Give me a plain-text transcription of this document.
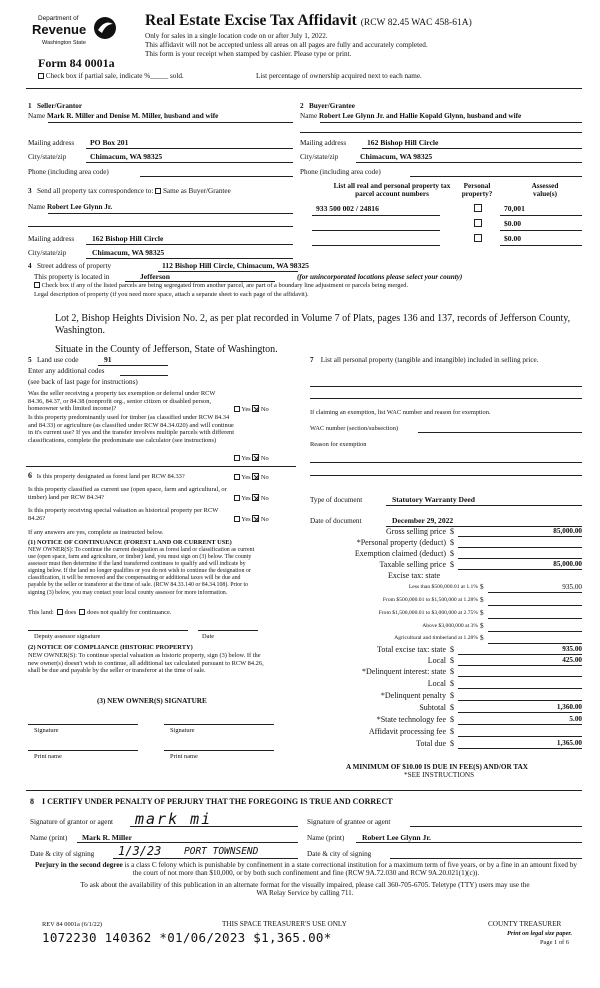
Department of
Revenue
Washington State
Real Estate Excise Tax Affidavit (RCW 82.45 WAC 458-61A)
Only for sales in a single location code on or after July 1, 2022.
This affidavit will not be accepted unless all areas on all pages are fully and accurately completed.
This form is your receipt when stamped by cashier. Please type or print.
Form 84 0001a
Check box if partial sale, indicate %_____ sold.	List percentage of ownership acquired next to each name.
1 Seller/Grantor
Name Mark R. Miller and Denise M. Miller, husband and wife
Mailing address PO Box 201
City/state/zip	Chimacum, WA 98325
Phone (including area code)
2 Buyer/Grantee
Name Robert Lee Glynn Jr. and Hallie Kopald Glynn, husband and wife
Mailing address	162 Bishop Hill Circle
City/state/zip	Chimacum, WA 98325
Phone (including area code)
3 Send all property tax correspondence to: Same as Buyer/Grantee
Name Robert Lee Glynn Jr.
Mailing address 162 Bishop Hill Circle
City/state/zip	Chimacum, WA 98325
List all real and personal property tax
parcel account numbers
Personal
property?
Assessed
value(s)
933 500 002 / 24816	70,001
$0.00
$0.00
4 Street address of property	112 Bishop Hill Circle, Chimacum, WA 98325
This property is located in	Jefferson	(for unincorporated locations please select your county)
Check box if any of the listed parcels are being segregated from another parcel, are part of a boundary line adjustment or parcels being merged.
Legal description of property (if you need more space, attach a separate sheet to each page of the affidavit).
Lot 2, Bishop Heights Division No. 2, as per plat recorded in Volume 7 of Plats, pages 136 and 137, records of Jefferson County, Washington.
Situate in the County of Jefferson, State of Washington.
5 Land use code	91
Enter any additional codes
(see back of last page for instructions)
Was the seller receiving a property tax exemption or deferral under RCW 84.36, 84.37, or 84.38 (nonprofit org., senior citizen or disabled person, homeowner with limited income)?	Yes No
Is this property predominantly used for timber (as classified under RCW 84.34 and 84.33) or agriculture (as classified under RCW 84.34.020) and will continue in it's current use? If yes and the transfer involves multiple parcels with different classifications, complete the predominate use calculator (see instructions)
Yes No
6 Is this property designated as forest land per RCW 84.33?	Yes No
Is this property classified as current use (open space, farm and agricultural, or timber) land per RCW 84.34?	Yes No
Is this property receiving special valuation as historical property per RCW 84.26?	Yes No
If any answers are yes, complete as instructed below.
(1) NOTICE OF CONTINUANCE (FOREST LAND OR CURRENT USE)
NEW OWNER(S): To continue the current designation as forest land or classification as current use (open space, farm and agriculture, or timber) land, you must sign on (3) below. The county assessor must then determine if the land transferred continues to qualify and will indicate by signing below. If the land no longer qualifies or you do not wish to continue the designation or classification, it will be removed and the compensating or additional taxes will be due and payable by the seller or transferor at the time of sale. (RCW 84.33.140 or 84.34.108). Prior to signing (3) below, you may contact your local county assessor for more information.
This land: does does not qualify for continuance.
Deputy assessor signature	Date
(2) NOTICE OF COMPLIANCE (HISTORIC PROPERTY)
NEW OWNER(S): To continue special valuation as historic property, sign (3) below. If the new owner(s) doesn't wish to continue, all additional tax calculated pursuant to RCW 84.26, shall be due and payable by the seller or transferor at the time of sale.
(3) NEW OWNER(S) SIGNATURE
Signature	Signature
Print name	Print name
7 List all personal property (tangible and intangible) included in selling price.
If claiming an exemption, list WAC number and reason for exemption.
WAC number (section/subsection)
Reason for exemption
Type of document	Statutory Warranty Deed
Date of document	December 29, 2022
Gross selling price $	85,000.00
*Personal property (deduct) $
Exemption claimed (deduct) $
Taxable selling price $	85,000.00
Excise tax: state
Less than $500,000.01 at 1.1% $	935.00
From $500,000.01 to $1,500,000 at 1.28% $
From $1,500,000.01 to $3,000,000 at 2.75% $
Above $3,000,000 at 3% $
Agricultural and timberland at 1.28% $
Total excise tax: state $	935.00
Local $	425.00
*Delinquent interest: state $
Local $
*Delinquent penalty $
Subtotal $	1,360.00
*State technology fee $	5.00
Affidavit processing fee $
Total due $	1,365.00
A MINIMUM OF $10.00 IS DUE IN FEE(S) AND/OR TAX
*SEE INSTRUCTIONS
8 I CERTIFY UNDER PENALTY OF PERJURY THAT THE FOREGOING IS TRUE AND CORRECT
Signature of grantor or agent mark mi	Signature of grantee or agent
Name (print) Mark R. Miller	Name (print) Robert Lee Glynn Jr.
Date & city of signing 1/3/23 PORT TOWNSEND	Date & city of signing
Perjury in the second degree is a class C felony which is punishable by confinement in a state correctional institution for a maximum term of five years, or by a fine in an amount fixed by the court of not more than $10,000, or by both such confinement and fine (RCW 9A.72.030 and RCW 9A.20.021(1)(c)).
To ask about the availability of this publication in an alternate format for the visually impaired, please call 360-705-6705. Teletype (TTY) users may use the WA Relay Service by calling 711.
REV 84 0001a (6/1/22)	THIS SPACE TREASURER'S USE ONLY	COUNTY TREASURER
Print on legal size paper.
Page 1 of 6
1072230 140362 *01/06/2023 $1,365.00*
